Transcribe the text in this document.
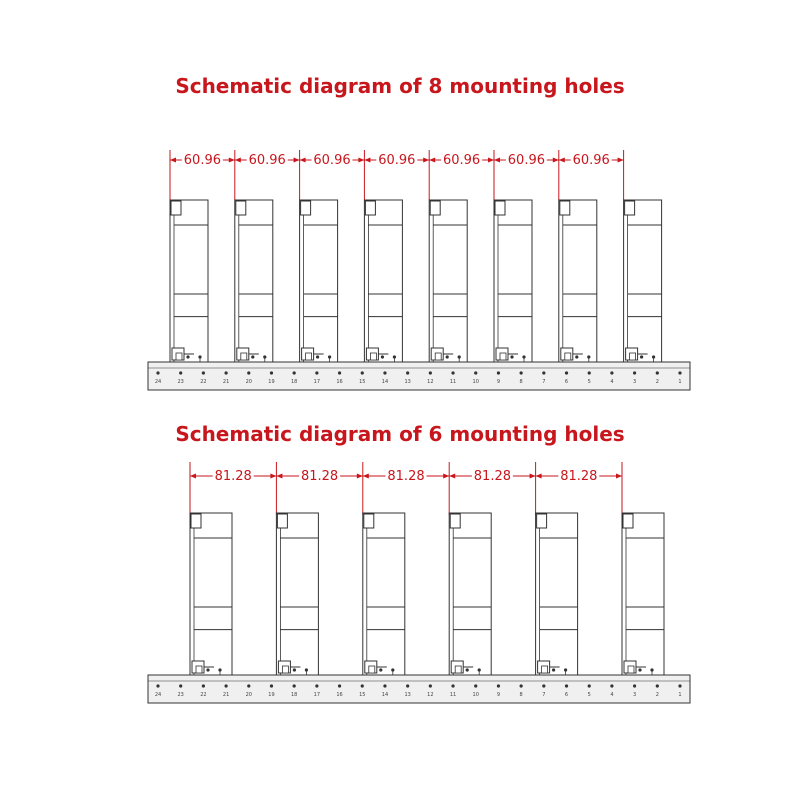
Schematic diagram of 8 mounting holes
Schematic diagram of 6 mounting holes
60.96 60.96 60.96 60.96 60.96 60.96 60.96
24	23	22	21	20	19	18	17	16	15	14	13	12	11	10	9	8	7	6	5	4	3	2	1
81.28	81.28	81.28	81.28	81.28
24	23	22	21	20	19	18	17	16	15	14	13	12	11	10	9	8	7	6	5	4	3	2	1
